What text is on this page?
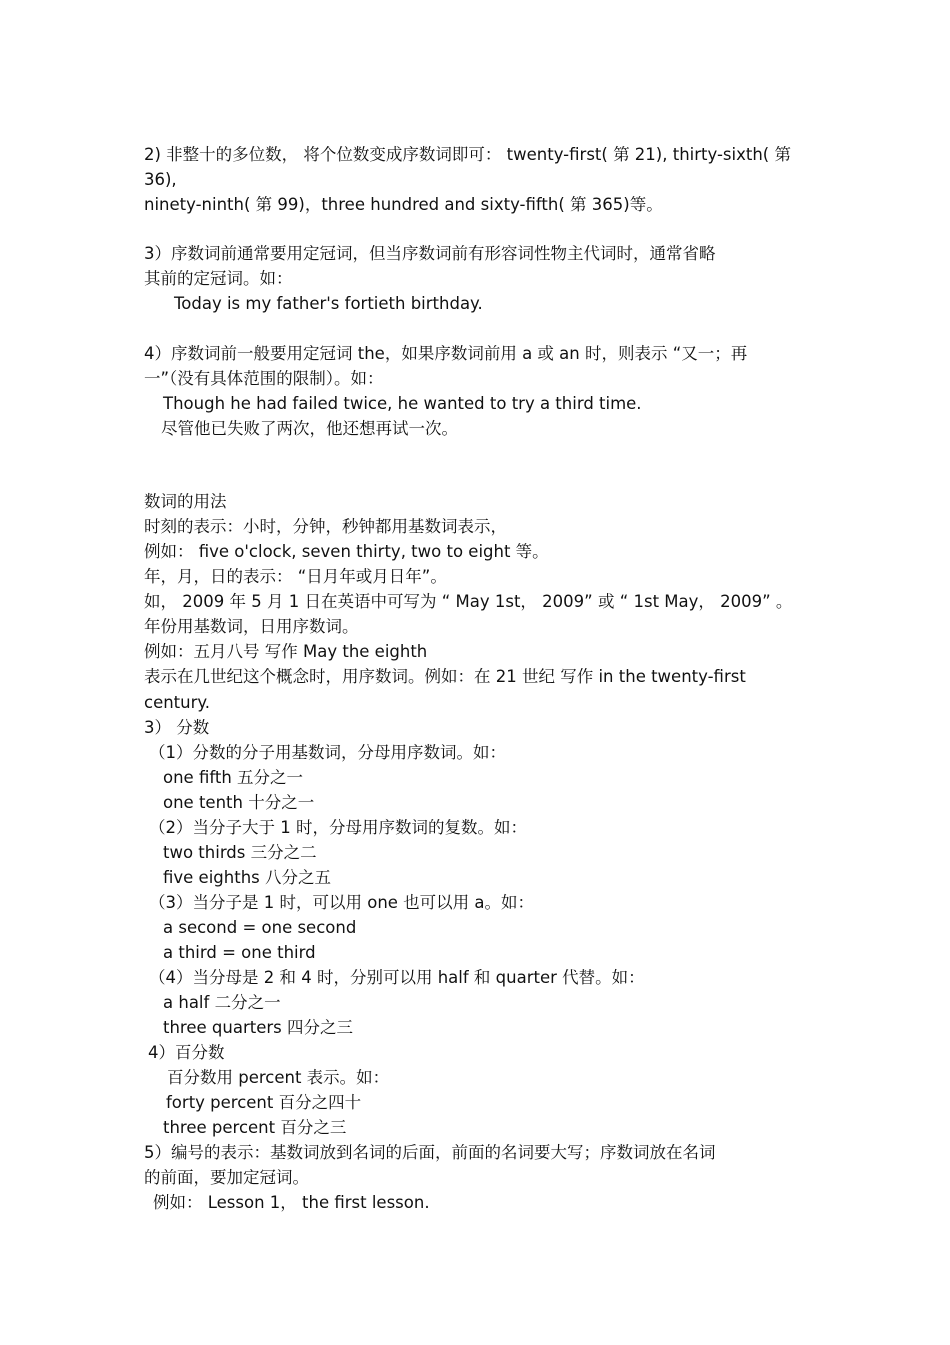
2) 非整十的多位数， 将个位数变成序数词即可： twenty-first( 第 21), thirty-sixth( 第
36),
ninety-ninth( 第 99)，three hundred and sixty-fifth( 第 365)等。
3）序数词前通常要用定冠词，但当序数词前有形容词性物主代词时，通常省略
其前的定冠词。如：
Today is my father's fortieth birthday.
4）序数词前一般要用定冠词 the，如果序数词前用 a 或 an 时，则表示 “又一；再
一”（没有具体范围的限制）。如：
Though he had failed twice, he wanted to try a third time.
尽管他已失败了两次，他还想再试一次。
数词的用法
时刻的表示：小时，分钟，秒钟都用基数词表示，
例如： five o'clock, seven thirty, two to eight 等。
年，月，日的表示： “日月年或月日年”。
如， 2009 年 5 月 1 日在英语中可写为 “ May 1st， 2009” 或 “ 1st May， 2009” 。
年份用基数词，日用序数词。
例如：五月八号 写作 May the eighth
表示在几世纪这个概念时，用序数词。例如：在 21 世纪 写作 in the twenty-first
century.
3） 分数
（1）分数的分子用基数词，分母用序数词。如：
one fifth 五分之一
one tenth 十分之一
（2）当分子大于 1 时，分母用序数词的复数。如：
two thirds 三分之二
five eighths 八分之五
（3）当分子是 1 时，可以用 one 也可以用 a。如：
a second = one second
a third = one third
（4）当分母是 2 和 4 时，分别可以用 half 和 quarter 代替。如：
a half 二分之一
three quarters 四分之三
4）百分数
百分数用 percent 表示。如：
forty percent 百分之四十
three percent 百分之三
5）编号的表示：基数词放到名词的后面，前面的名词要大写；序数词放在名词
的前面，要加定冠词。
例如： Lesson 1， the first lesson.
